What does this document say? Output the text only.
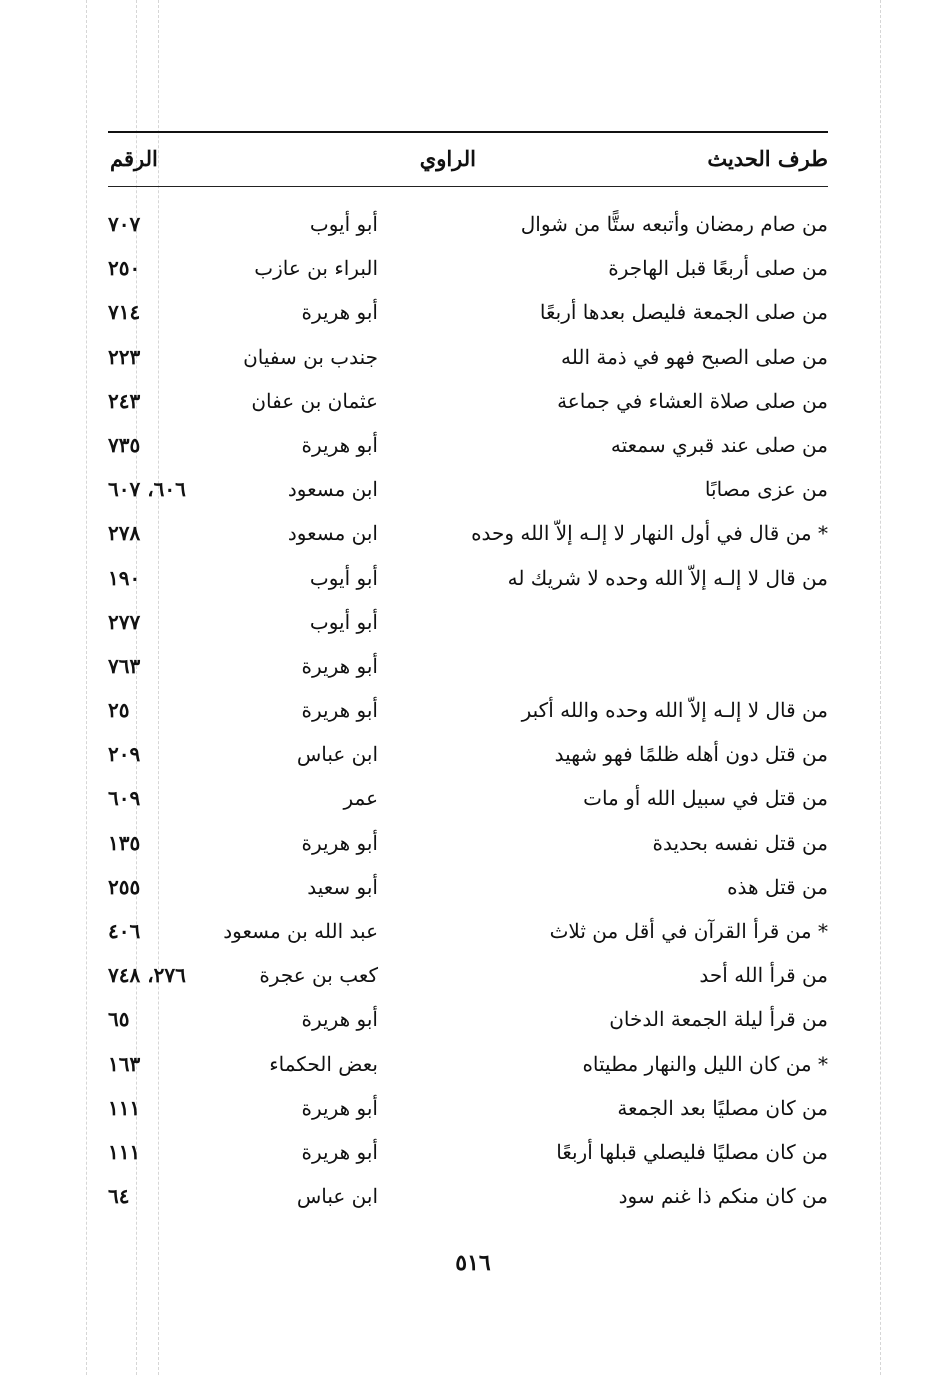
طرف الحديث
الراوي
الرقم
من صام رمضان وأتبعه ستًّا من شوال
أبو أيوب
٧٠٧
من صلى أربعًا قبل الهاجرة
البراء بن عازب
٢٥٠
من صلى الجمعة فليصل بعدها أربعًا
أبو هريرة
٧١٤
من صلى الصبح فهو في ذمة الله
جندب بن سفيان
٢٢٣
من صلى صلاة العشاء في جماعة
عثمان بن عفان
٢٤٣
من صلى عند قبري سمعته
أبو هريرة
٧٣٥
من عزى مصابًا
ابن مسعود
٦٠٦، ٦٠٧
* من قال في أول النهار لا إلـه إلاّ الله وحده
ابن مسعود
٢٧٨
من قال لا إلـه إلاّ الله وحده لا شريك له
أبو أيوب
١٩٠
أبو أيوب
٢٧٧
أبو هريرة
٧٦٣
من قال لا إلـه إلاّ الله وحده والله أكبر
أبو هريرة
٢٥
من قتل دون أهله ظلمًا فهو شهيد
ابن عباس
٢٠٩
من قتل في سبيل الله أو مات
عمر
٦٠٩
من قتل نفسه بحديدة
أبو هريرة
١٣٥
من قتل هذه
أبو سعيد
٢٥٥
* من قرأ القرآن في أقل من ثلاث
عبد الله بن مسعود
٤٠٦
من قرأ الله أحد
كعب بن عجرة
٢٧٦، ٧٤٨
من قرأ ليلة الجمعة الدخان
أبو هريرة
٦٥
* من كان الليل والنهار مطيتاه
بعض الحكماء
١٦٣
من كان مصليًا بعد الجمعة
أبو هريرة
١١١
من كان مصليًا فليصلي قبلها أربعًا
أبو هريرة
١١١
من كان منكم ذا غنم سود
ابن عباس
٦٤
٥١٦
